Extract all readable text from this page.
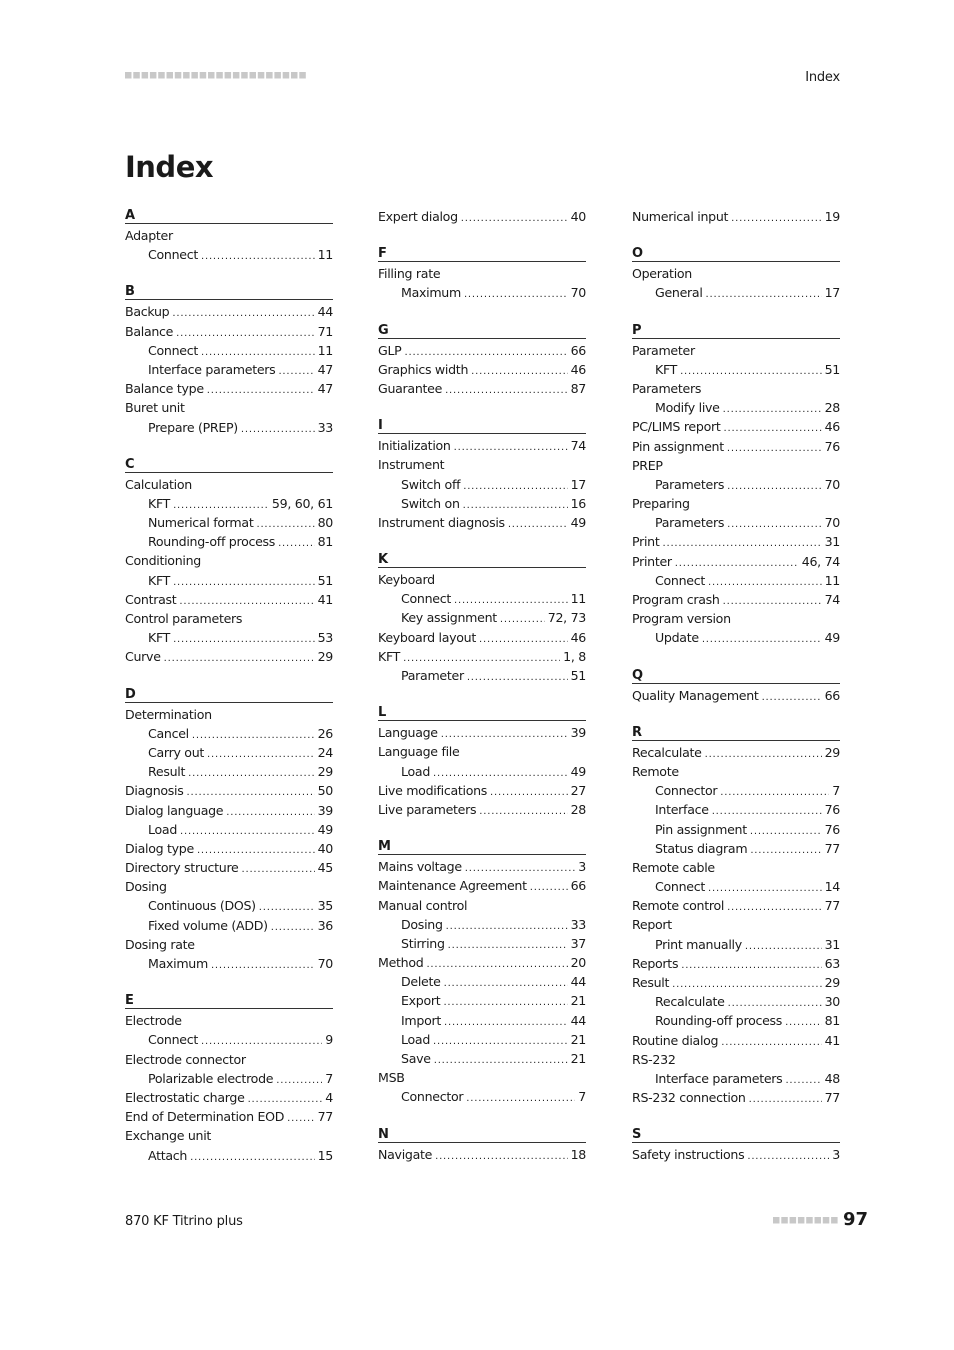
Index
Index
A
Adapter
Connect .....	11
B
Backup .....	44
Balance .....	71
Connect .....	11
Interface parameters .....	47
Balance type .....	47
Buret unit
Prepare (PREP) .....	33
C
Calculation
KFT .....	59, 60, 61
Numerical format .....	80
Rounding-off process .....	81
Conditioning
KFT .....	51
Contrast .....	41
Control parameters
KFT .....	53
Curve .....	29
D
Determination
Cancel .....	26
Carry out .....	24
Result .....	29
Diagnosis .....	50
Dialog language .....	39
Load .....	49
Dialog type .....	40
Directory structure .....	45
Dosing
Continuous (DOS) .....	35
Fixed volume (ADD) .....	36
Dosing rate
Maximum .....	70
E
Electrode
Connect .....	9
Electrode connector
Polarizable electrode .....	7
Electrostatic charge .....	4
End of Determination EOD .....	77
Exchange unit
Attach .....	15
Expert dialog .....	40
F
Filling rate
Maximum .....	70
G
GLP .....	66
Graphics width .....	46
Guarantee .....	87
I
Initialization .....	74
Instrument
Switch off .....	17
Switch on .....	16
Instrument diagnosis .....	49
K
Keyboard
Connect .....	11
Key assignment .....	72, 73
Keyboard layout .....	46
KFT .....	1, 8
Parameter .....	51
L
Language .....	39
Language file
Load .....	49
Live modifications .....	27
Live parameters .....	28
M
Mains voltage .....	3
Maintenance Agreement .....	66
Manual control
Dosing .....	33
Stirring .....	37
Method .....	20
Delete .....	44
Export .....	21
Import .....	44
Load .....	21
Save .....	21
MSB
Connector .....	7
N
Navigate .....	18
Numerical input .....	19
O
Operation
General .....	17
P
Parameter
KFT .....	51
Parameters
Modify live .....	28
PC/LIMS report .....	46
Pin assignment .....	76
PREP
Parameters .....	70
Preparing
Parameters .....	70
Print .....	31
Printer .....	46, 74
Connect .....	11
Program crash .....	74
Program version
Update .....	49
Q
Quality Management .....	66
R
Recalculate .....	29
Remote
Connector .....	7
Interface .....	76
Pin assignment .....	76
Status diagram .....	77
Remote cable
Connect .....	14
Remote control .....	77
Report
Print manually .....	31
Reports .....	63
Result .....	29
Recalculate .....	30
Rounding-off process .....	81
Routine dialog .....	41
RS-232
Interface parameters .....	48
RS-232 connection .....	77
S
Safety instructions .....	3
870 KF Titrino plus	97
